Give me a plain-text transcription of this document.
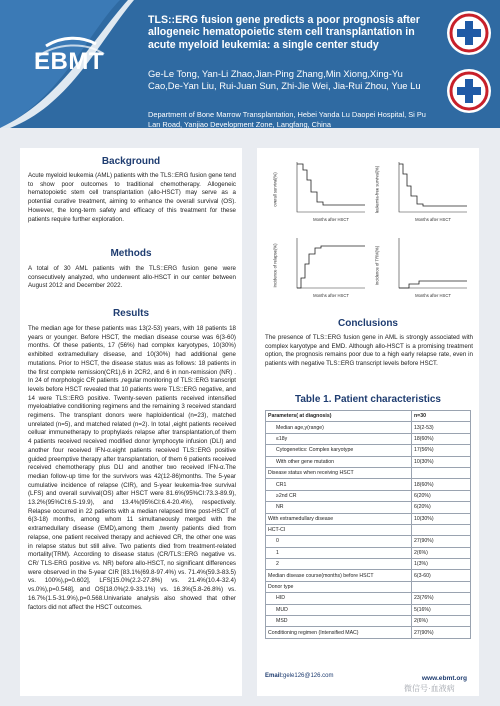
EBMT
TLS::ERG fusion gene predicts a poor prognosis after allogeneic hematopoietic stem cell transplantation in acute myeloid leukemia: a single center study

Ge-Le Tong, Yan-Li Zhao,Jian-Ping Zhang,Min Xiong,Xing-Yu Cao,De-Yan Liu, Rui-Juan Sun, Zhi-Jie Wei, Jia-Rui Zhou, Yue Lu

Department of Bone Marrow Transplantation, Hebei Yanda Lu Daopei Hospital, Si Pu Lan Road, Yanjiao Development Zone, Langfang, China

Background

Acute myeloid leukemia (AML) patients with the TLS::ERG fusion gene tend to show poor outcomes to traditional chemotherapy. Allogeneic hematopoietic stem cell transplantation (allo-HSCT) may serve as a potential curative treatment, aiming to enhance the overall survival (OS). However, the long-term safety and efficacy of this treatment for these patients require further exploration.

Methods

A total of 30 AML patients with the TLS::ERG fusion gene were consecutively analyzed, who underwent allo-HSCT in our center between August 2012 and December 2022.

Results

The median age for these patients was 13(2-53) years, with 18 patients 18 years or younger. Before HSCT, the median disease course was 6(3-60) months. Of these patients, 17 (56%) had complex karyotypes, 10(30%) exhibited extramedullary disease, and 10(30%) had additional gene mutations. Prior to HSCT, the disease status was as follows: 18 patients in the first complete remission(CR1),6 in 2CR2, and 6 in non-remission (NR) . In 24 of morphologic CR patients ,regular monitoring of TLS::ERG transcript levels before HSCT revealed that 10 patients were TLS::ERG negative, and 14 were TLS::ERG positive. Twenty-seven patients received intensified myeloablative conditioning regimens and the remaining 3 received standard regimens. The transplant donors were haploidentical (n=23), matched unrelated (n=5), and matched related (n=2). In total ,eight patients received celluar immunetherapy to prophylaxis relapse after transplantation,of them 4 patients received received modified donor lymphocyte infusion (DLI) and another four received IFN-α.eight patients received TLS::ERG positive guided preemptive therapy after transplantation, of them 6 patients received received chemotherapy plus DLI and another two received IFN-α.The median follow-up time for the survivors was 42(12-86)months. The 5-year cumulative incidence of relapse (CIR), and 5-year leukemia-free survival (LFS) and overall survival(OS) after HSCT were 81.6%(95%CI:73.3-89.9), 13.2%(95%CI:6.5-19.9), and 13.4%(95%CI:6.4-20.4%), respectively. Relapse occurred in 22 patients with a median relapsed time post-HSCT of 6(3-18) months, among whom 11 simultaneously merged with the extramedullary disease (EMD),among them ,twenty patients died from relapse, one patient received therapy and achieved CR, the other one was in relapse status but still alive. Two patients died from treatment-related mortality(TRM). According to disease status (CR/TLS::ERG negative vs. CR/ TLS-ERG positive vs. NR) before allo-HSCT, no significant differences were observed in the 5-year CIR [83.1%(69.8-97.4%) vs. 71.4%(59.3-83.5) vs. 100%),p=0.602], LFS[15.0%(2.2-27.8%) vs. 21.4%(10.4-32.4) vs.0%),p=0.548], and OS[18.0%(2.9-33.1%) vs. 16.3%(5.8-26.8%) vs. 16.7%(1.5-31.9%),p=0.568.Univariate analysis also showed that other factors did not affect the HSCT outcomes.

overall survival(%)
Months after HSCT
leukemia-free survival(%)
Months after HSCT
Incidence of relapse(%)
Months after HSCT
Incidence of TRM(%)
Months after HSCT
Conclusions

The presence of TLS::ERG fusion gene in AML is strongly associated with complex karyotype and EMD. Although allo-HSCT is a promising treatment option, the prognosis remains poor due to a high early relapse rate, even in patients with negative TLS::ERG transcript levels before HSCT.

Table 1. Patient characteristics
Parameters( at diagnosis)	n=30
Median age,y(range)	13(2-53)
≤18y	18(60%)
Cytogenetics: Complex karyotype	17(56%)
With other gene mutation	10(30%)
Disease status when receiving HSCT	
CR1	18(60%)
≥2nd CR	6(20%)
NR	6(20%)
With extramedullary disease	10(30%)
HCT-CI	
0	27(90%)
1	2(6%)
2	1(3%)
Median disease course(months) before HSCT	6(3-60)
Donor type	
HID	23(76%)
MUD	5(16%)
MSD	2(6%)
Conditioning regimen (Intensified MAC)	27(90%)
Email:gele126@126.com	www.ebmt.org
微信号·血液病
